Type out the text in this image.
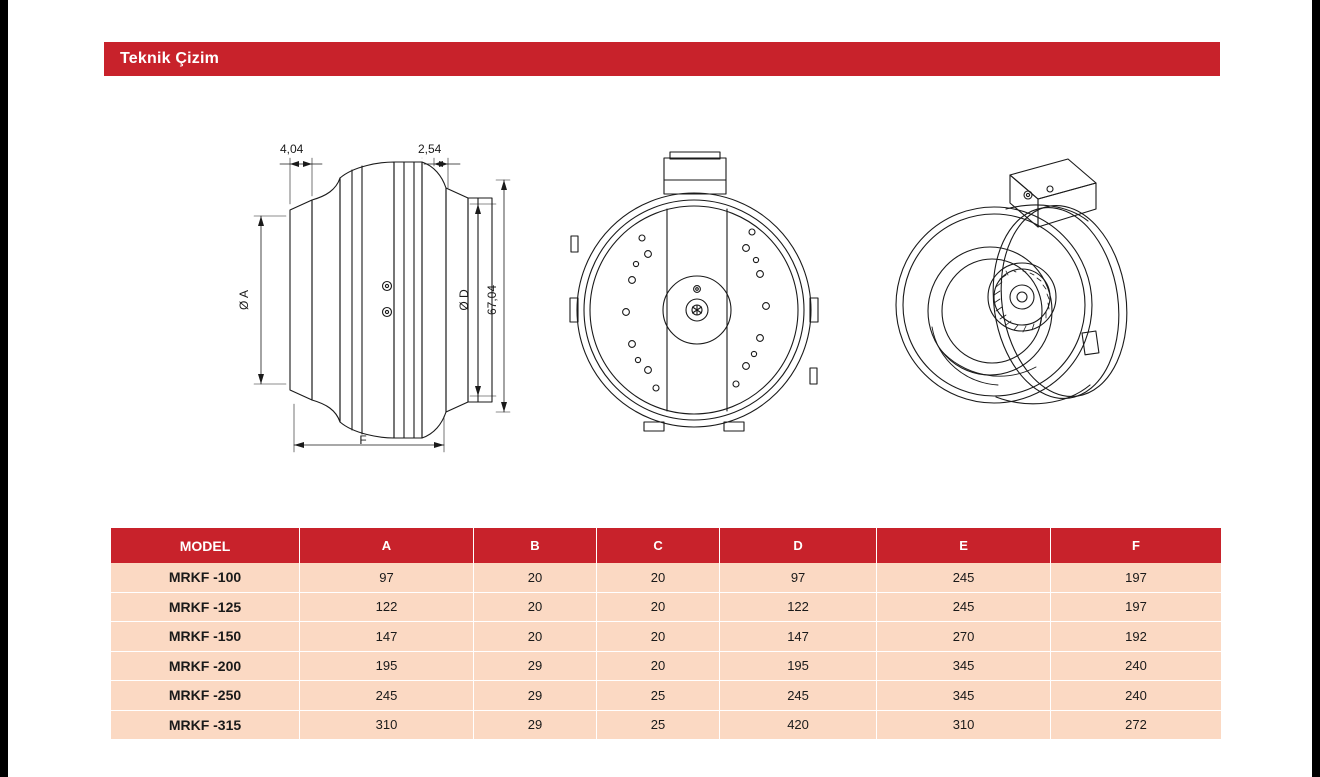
Teknik Çizim
4,04	2,54
Ø A	Ø D 67,04
F
MODEL	A	B	C	D	E	F
MRKF -100	97	20	20	97	245	197
MRKF -125	122	20	20	122	245	197
MRKF -150	147	20	20	147	270	192
MRKF -200	195	29	20	195	345	240
MRKF -250	245	29	25	245	345	240
MRKF -315	310	29	25	420	310	272
